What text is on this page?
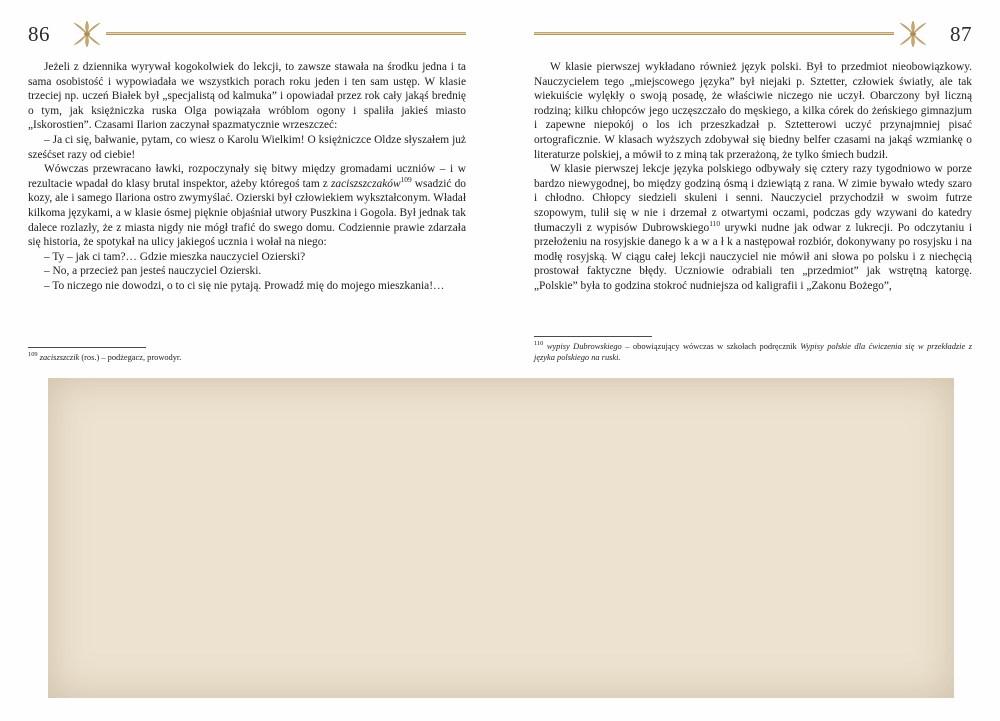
86

Jeżeli z dziennika wyrywał kogokolwiek do lekcji, to zawsze stawała na środku jedna i ta sama osobistość i wypowiadała we wszystkich porach roku jeden i ten sam ustęp. W klasie trzeciej np. uczeń Białek był „specjalistą od kalmuka” i opowiadał przez rok cały jakąś brednię o tym, jak księżniczka ruska Olga powiązała wróblom ogony i spaliła jakieś miasto „Iskorostien”. Czasami Ilarion zaczynał spazmatycznie wrzeszczeć:

– Ja ci się, bałwanie, pytam, co wiesz o Karolu Wielkim! O księżniczce Oldze słyszałem już sześćset razy od ciebie!

Wówczas przewracano ławki, rozpoczynały się bitwy między gromadami uczniów – i w rezultacie wpadał do klasy brutal inspektor, ażeby któregoś tam z zaciszszczaków$^{109}$ wsadzić do kozy, ale i samego Ilariona ostro zwymyślać. Ozierski był człowiekiem wykształconym. Władał kilkoma językami, a w klasie ósmej pięknie objaśniał utwory Puszkina i Gogola. Był jednak tak dalece rozlazły, że z miasta nigdy nie mógł trafić do swego domu. Codziennie prawie zdarzała się historia, że spotykał na ulicy jakiegoś ucznia i wołał na niego:

– Ty – jak ci tam?… Gdzie mieszka nauczyciel Ozierski?

– No, a przecież pan jesteś nauczyciel Ozierski.

– To niczego nie dowodzi, o to ci się nie pytają. Prowadź mię do mojego mieszkania!…

$^{109}$ zaciszszczik (ros.) – podżegacz, prowodyr.
87

W klasie pierwszej wykładano również język polski. Był to przedmiot nieobowiązkowy. Nauczycielem tego „miejscowego języka” był niejaki p. Sztetter, człowiek światły, ale tak wiekuiście wylękły o swoją posadę, że właściwie niczego nie uczył. Obarczony był liczną rodziną; kilku chłopców jego uczęszczało do męskiego, a kilka córek do żeńskiego gimnazjum i zapewne niepokój o los ich przeszkadzał p. Sztetterowi uczyć przynajmniej pisać ortograficznie. W klasach wyższych zdobywał się biedny belfer czasami na jakąś wzmiankę o literaturze polskiej, a mówił to z miną tak przerażoną, że tylko śmiech budził.

W klasie pierwszej lekcje języka polskiego odbywały się cztery razy tygodniowo w porze bardzo niewygodnej, bo między godziną ósmą i dziewiątą z rana. W zimie bywało wtedy szaro i chłodno. Chłopcy siedzieli skuleni i senni. Nauczyciel przychodził w swoim futrze szopowym, tulił się w nie i drzemał z otwartymi oczami, podczas gdy wzywani do katedry tłumaczyli z wypisów Dubrowskiego$^{110}$ urywki nudne jak odwar z lukrecji. Po odczytaniu i przełożeniu na rosyjskie danego k a w a ł k a następował rozbiór, dokonywany po rosyjsku i na modłę rosyjską. W ciągu całej lekcji nauczyciel nie mówił ani słowa po polsku i z niechęcią prostował faktyczne błędy. Uczniowie odrabiali ten „przedmiot” jak wstrętną katorgę. „Polskie” była to godzina stokroć nudniejsza od kaligrafii i „Zakonu Bożego”,

$^{110}$ wypisy Dubrowskiego – obowiązujący wówczas w szkołach podręcznik Wypisy polskie dla ćwiczenia się w przekładzie z języka polskiego na ruski.
